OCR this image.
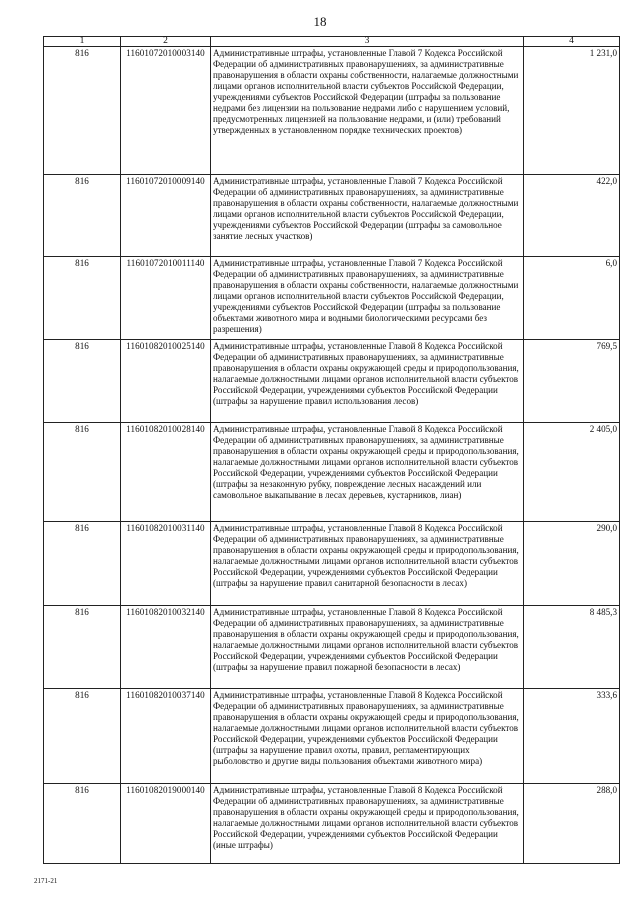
18
1	2	3	4
816	11601072010003140	Административные штрафы, установленные Главой 7 Кодекса Российской Федерации об административных правонарушениях, за административные правонарушения в области охраны собственности, налагаемые должностными лицами органов исполнительной власти субъектов Российской Федерации, учреждениями субъектов Российской Федерации (штрафы за пользование недрами без лицензии на пользование недрами либо с нарушением условий, предусмотренных лицензией на пользование недрами, и (или) требований утвержденных в установленном порядке технических проектов)	1 231,0
816	11601072010009140	Административные штрафы, установленные Главой 7 Кодекса Российской Федерации об административных правонарушениях, за административные правонарушения в области охраны собственности, налагаемые должностными лицами органов исполнительной власти субъектов Российской Федерации, учреждениями субъектов Российской Федерации (штрафы за самовольное занятие лесных участков)	422,0
816	11601072010011140	Административные штрафы, установленные Главой 7 Кодекса Российской Федерации об административных правонарушениях, за административные правонарушения в области охраны собственности, налагаемые должностными лицами органов исполнительной власти субъектов Российской Федерации, учреждениями субъектов Российской Федерации (штрафы за пользование объектами животного мира и водными биологическими ресурсами без разрешения)	6,0
816	11601082010025140	Административные штрафы, установленные Главой 8 Кодекса Российской Федерации об административных правонарушениях, за административные правонарушения в области охраны окружающей среды и природопользования, налагаемые должностными лицами органов исполнительной власти субъектов Российской Федерации, учреждениями субъектов Российской Федерации (штрафы за нарушение правил использования лесов)	769,5
816	11601082010028140	Административные штрафы, установленные Главой 8 Кодекса Российской Федерации об административных правонарушениях, за административные правонарушения в области охраны окружающей среды и природопользования, налагаемые должностными лицами органов исполнительной власти субъектов Российской Федерации, учреждениями субъектов Российской Федерации (штрафы за незаконную рубку, повреждение лесных насаждений или самовольное выкапывание в лесах деревьев, кустарников, лиан)	2 405,0
816	11601082010031140	Административные штрафы, установленные Главой 8 Кодекса Российской Федерации об административных правонарушениях, за административные правонарушения в области охраны окружающей среды и природопользования, налагаемые должностными лицами органов исполнительной власти субъектов Российской Федерации, учреждениями субъектов Российской Федерации (штрафы за нарушение правил санитарной безопасности в лесах)	290,0
816	11601082010032140	Административные штрафы, установленные Главой 8 Кодекса Российской Федерации об административных правонарушениях, за административные правонарушения в области охраны окружающей среды и природопользования, налагаемые должностными лицами органов исполнительной власти субъектов Российской Федерации, учреждениями субъектов Российской Федерации (штрафы за нарушение правил пожарной безопасности в лесах)	8 485,3
816	11601082010037140	Административные штрафы, установленные Главой 8 Кодекса Российской Федерации об административных правонарушениях, за административные правонарушения в области охраны окружающей среды и природопользования, налагаемые должностными лицами органов исполнительной власти субъектов Российской Федерации, учреждениями субъектов Российской Федерации (штрафы за нарушение правил охоты, правил, регламентирующих рыболовство и другие виды пользования объектами животного мира)	333,6
816	11601082019000140	Административные штрафы, установленные Главой 8 Кодекса Российской Федерации об административных правонарушениях, за административные правонарушения в области охраны окружающей среды и природопользования, налагаемые должностными лицами органов исполнительной власти субъектов Российской Федерации, учреждениями субъектов Российской Федерации (иные штрафы)	288,0
2171-21
